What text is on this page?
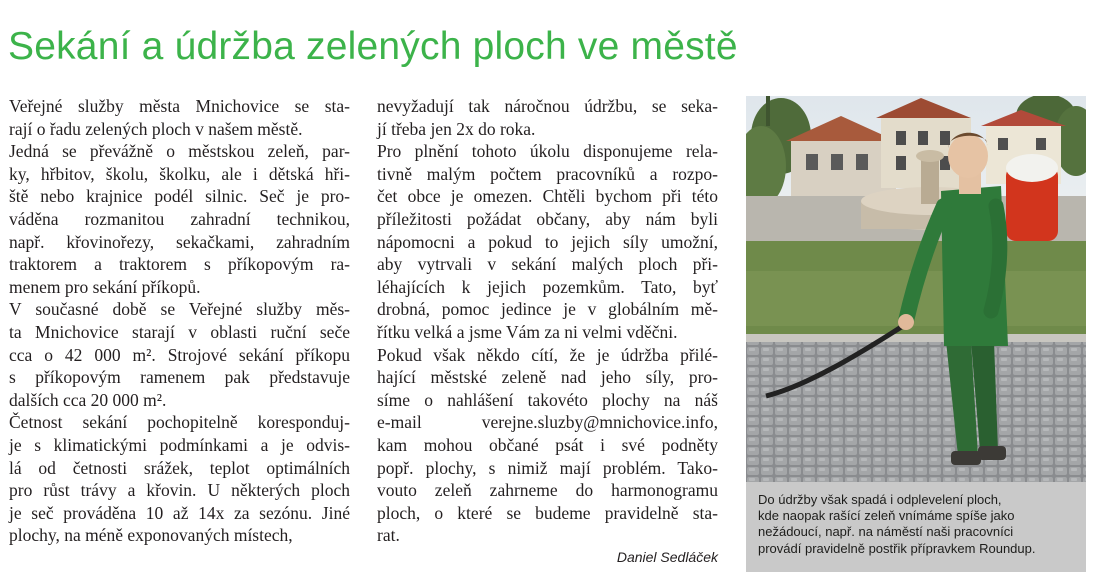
Sekání a údržba zelených ploch ve městě
Veřejné služby města Mnichovice se sta-
rají o řadu zelených ploch v našem městě.
Jedná se převážně o městskou zeleň, par-
ky, hřbitov, školu, školku, ale i dětská hři-
ště nebo krajnice podél silnic. Seč je pro-
váděna rozmanitou zahradní technikou,
např. křovinořezy, sekačkami, zahradním
traktorem a traktorem s příkopovým ra-
menem pro sekání příkopů.
V současné době se Veřejné služby měs-
ta Mnichovice starají v oblasti ruční seče
cca o 42 000 m². Strojové sekání příkopu
s příkopovým ramenem pak představuje
dalších cca 20 000 m².
Četnost sekání pochopitelně koresponduj-
je s klimatickými podmínkami a je odvis-
lá od četnosti srážek, teplot optimálních
pro růst trávy a křovin. U některých ploch
je seč prováděna 10 až 14x za sezónu. Jiné
plochy, na méně exponovaných místech,
nevyžadují tak náročnou údržbu, se seka-
jí třeba jen 2x do roka.
Pro plnění tohoto úkolu disponujeme rela-
tivně malým počtem pracovníků a rozpo-
čet obce je omezen. Chtěli bychom při této
příležitosti požádat občany, aby nám byli
nápomocni a pokud to jejich síly umožní,
aby vytrvali v sekání malých ploch při-
léhajících k jejich pozemkům. Tato, byť
drobná, pomoc jedince je v globálním mě-
řítku velká a jsme Vám za ni velmi vděčni.
Pokud však někdo cítí, že je údržba přilé-
hající městské zeleně nad jeho síly, pro-
síme o nahlášení takovéto plochy na náš
e-mail verejne.sluzby@mnichovice.info,
kam mohou občané psát i své podněty
popř. plochy, s nimiž mají problém. Tako-
vouto zeleň zahrneme do harmonogramu
ploch, o které se budeme pravidelně sta-
rat.
Daniel Sedláček
Do údržby však spadá i odplevelení ploch,
kde naopak rašící zeleň vnímáme spíše jako
nežádoucí, např. na náměstí naši pracovníci
provádí pravidelně postřik přípravkem Roundup.
